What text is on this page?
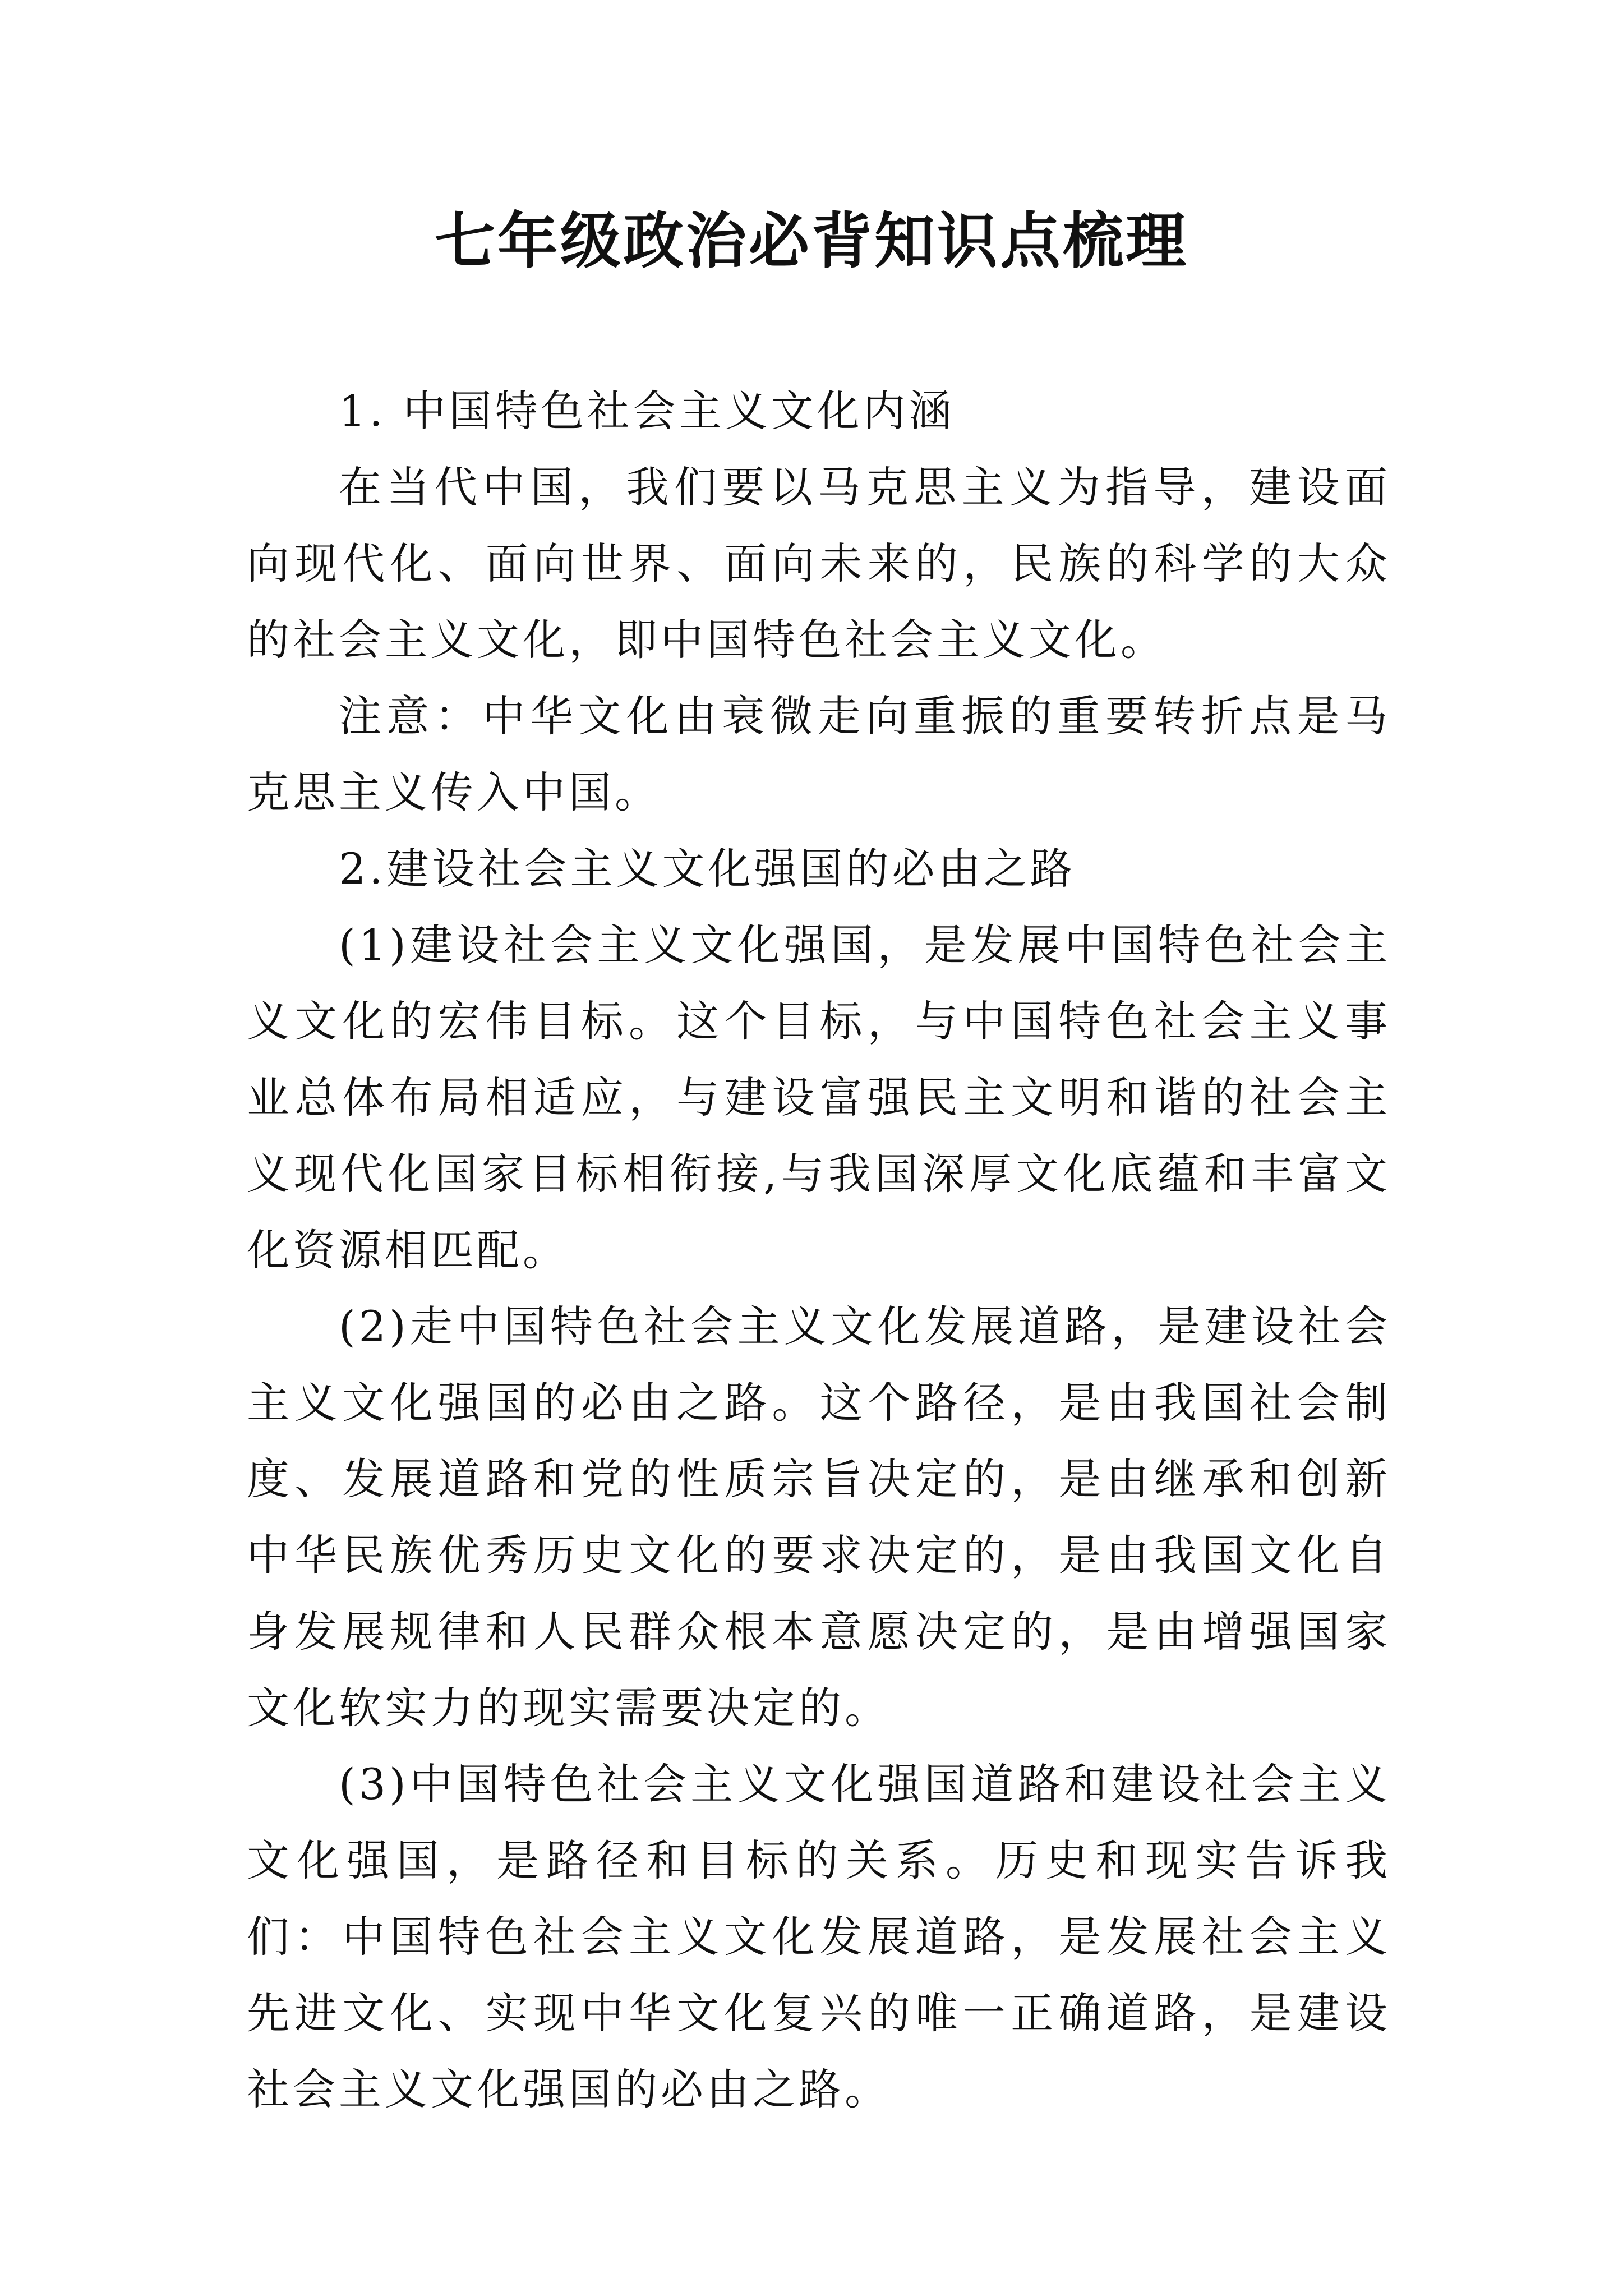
七年级政治必背知识点梳理

1. 中国特色社会主义文化内涵

在当代中国，我们要以马克思主义为指导，建设面向现代化、面向世界、面向未来的，民族的科学的大众的社会主义文化，即中国特色社会主义文化。

注意：中华文化由衰微走向重振的重要转折点是马克思主义传入中国。

2.建设社会主义文化强国的必由之路

(1)建设社会主义文化强国，是发展中国特色社会主义文化的宏伟目标。这个目标，与中国特色社会主义事业总体布局相适应，与建设富强民主文明和谐的社会主义现代化国家目标相衔接,与我国深厚文化底蕴和丰富文化资源相匹配。

(2)走中国特色社会主义文化发展道路，是建设社会主义文化强国的必由之路。这个路径，是由我国社会制度、发展道路和党的性质宗旨决定的，是由继承和创新中华民族优秀历史文化的要求决定的，是由我国文化自身发展规律和人民群众根本意愿决定的，是由增强国家文化软实力的现实需要决定的。

(3)中国特色社会主义文化强国道路和建设社会主义文化强国，是路径和目标的关系。历史和现实告诉我们：中国特色社会主义文化发展道路，是发展社会主义先进文化、实现中华文化复兴的唯一正确道路，是建设社会主义文化强国的必由之路。
